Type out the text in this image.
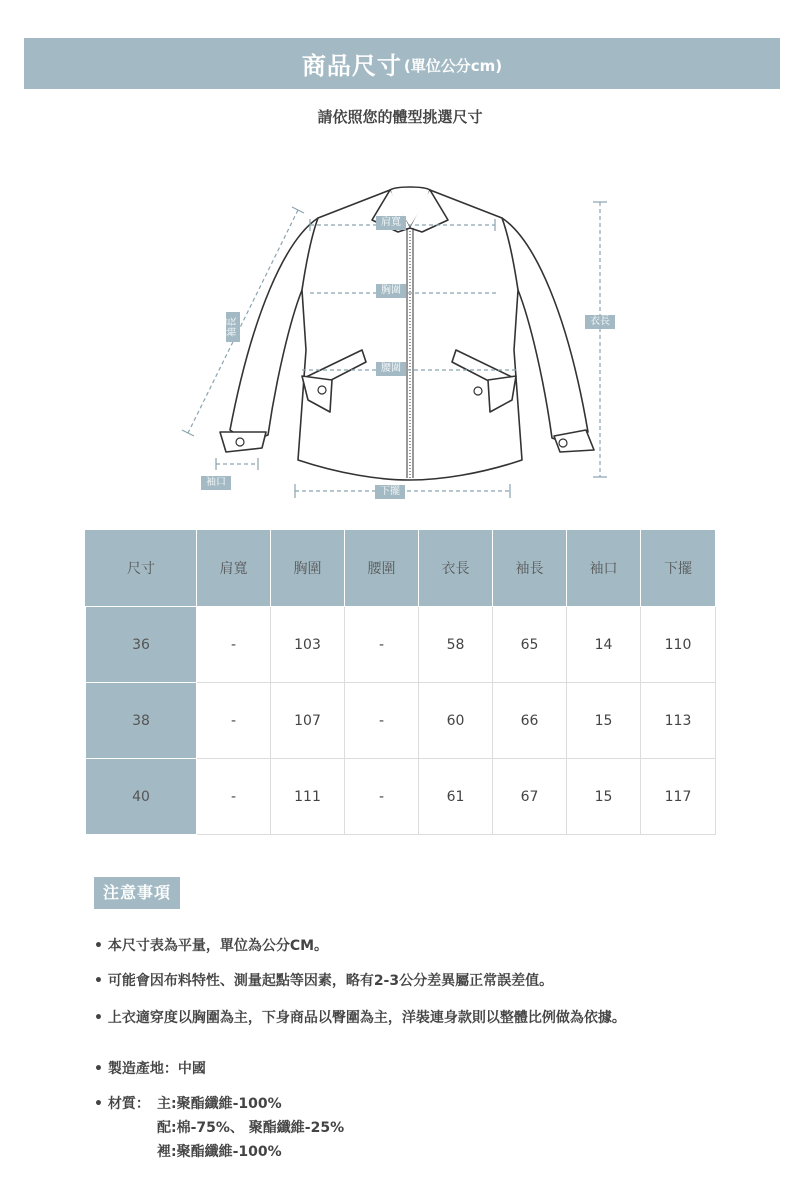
商品尺寸 (單位公分cm)
請依照您的體型挑選尺寸
肩寬
胸圍
腰圍
衣長
袖長
袖口
下擺
尺寸	肩寬	胸圍	腰圍	衣長	袖長	袖口	下擺
36	-	103	-	58	65	14	110
38	-	107	-	60	66	15	113
40	-	111	-	61	67	15	117
注意事項
• 本尺寸表為平量，單位為公分CM。
• 可能會因布料特性、測量起點等因素，略有2-3公分差異屬正常誤差值。
• 上衣適穿度以胸圍為主，下身商品以臀圍為主，洋裝連身款則以整體比例做為依據。
• 製造產地：中國
• 材質： 主:聚酯纖維-100%
配:棉-75%、 聚酯纖維-25%
裡:聚酯纖維-100%
